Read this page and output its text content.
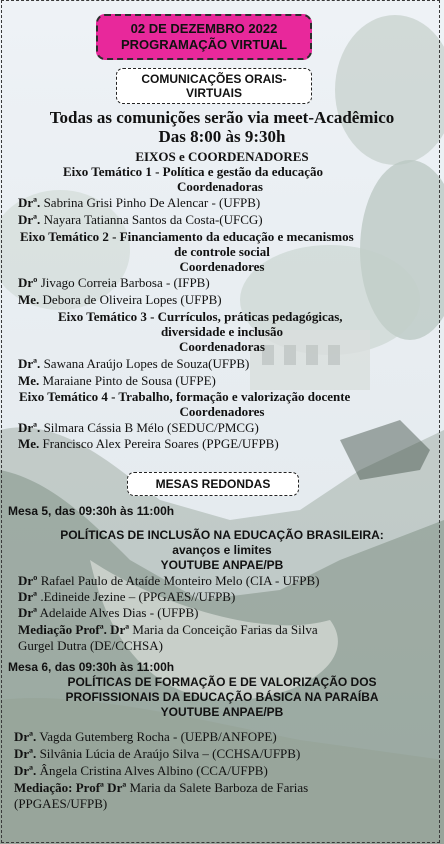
02 DE DEZEMBRO 2022
PROGRAMAÇÃO VIRTUAL
COMUNICAÇÕES ORAIS-
VIRTUAIS
Todas as comunições serão via meet-Acadêmico
Das 8:00 às 9:30h
EIXOS e COORDENADORES
Eixo Temático 1 - Política e gestão da educação
Coordenadoras
Drª. Sabrina Grisi Pinho De Alencar - (UFPB)
Drª. Nayara Tatianna Santos da Costa-(UFCG)
Eixo Temático 2 - Financiamento da educação e mecanismos
de controle social
Coordenadores
Drº Jivago Correia Barbosa - (IFPB)
Me. Debora de Oliveira Lopes (UFPB)
Eixo Temático 3 - Currículos, práticas pedagógicas,
diversidade e inclusão
Coordenadoras
Drª. Sawana Araújo Lopes de Souza(UFPB)
Me. Maraiane Pinto de Sousa (UFPE)
Eixo Temático 4 - Trabalho, formação e valorização docente
Coordenadores
Drª. Silmara Cássia B Mélo (SEDUC/PMCG)
Me. Francisco Alex Pereira Soares (PPGE/UFPB)
MESAS REDONDAS
Mesa 5, das 09:30h às 11:00h
POLÍTICAS DE INCLUSÃO NA EDUCAÇÃO BRASILEIRA:
avanços e limites
YOUTUBE ANPAE/PB
Drº Rafael Paulo de Ataíde Monteiro Melo (CIA - UFPB)
Drª .Edineide Jezine – (PPGAES//UFPB)
Drª Adelaide Alves Dias - (UFPB)
Mediação Profª. Drª Maria da Conceição Farias da Silva
Gurgel Dutra (DE/CCHSA)
Mesa 6, das 09:30h às 11:00h
POLÍTICAS DE FORMAÇÃO E DE VALORIZAÇÃO DOS
PROFISSIONAIS DA EDUCAÇÃO BÁSICA NA PARAÍBA
YOUTUBE ANPAE/PB
Drª. Vagda Gutemberg Rocha - (UEPB/ANFOPE)
Drª. Silvânia Lúcia de Araújo Silva – (CCHSA/UFPB)
Drª. Ângela Cristina Alves Albino (CCA/UFPB)
Mediação: Profª Drª Maria da Salete Barboza de Farias
(PPGAES/UFPB)
